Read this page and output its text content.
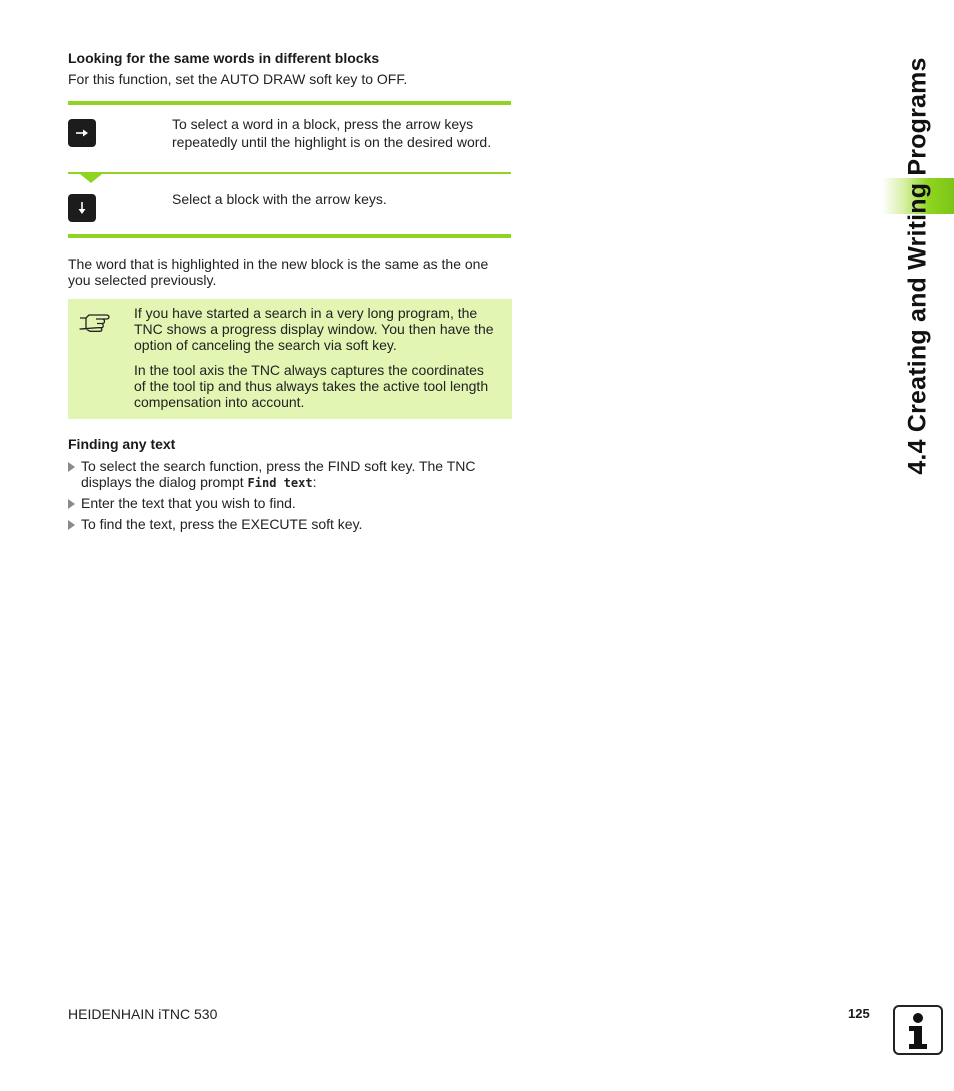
Looking for the same words in different blocks
For this function, set the AUTO DRAW soft key to OFF.
To select a word in a block, press the arrow keys
repeatedly until the highlight is on the desired word.
Select a block with the arrow keys.
The word that is highlighted in the new block is the same as the one
you selected previously.
If you have started a search in a very long program, the
TNC shows a progress display window. You then have the
option of canceling the search via soft key.
In the tool axis the TNC always captures the coordinates
of the tool tip and thus always takes the active tool length
compensation into account.
Finding any text
To select the search function, press the FIND soft key. The TNC
displays the dialog prompt Find text:
Enter the text that you wish to find.
To find the text, press the EXECUTE soft key.
4.4 Creating and Writing Programs
HEIDENHAIN iTNC 530	125
